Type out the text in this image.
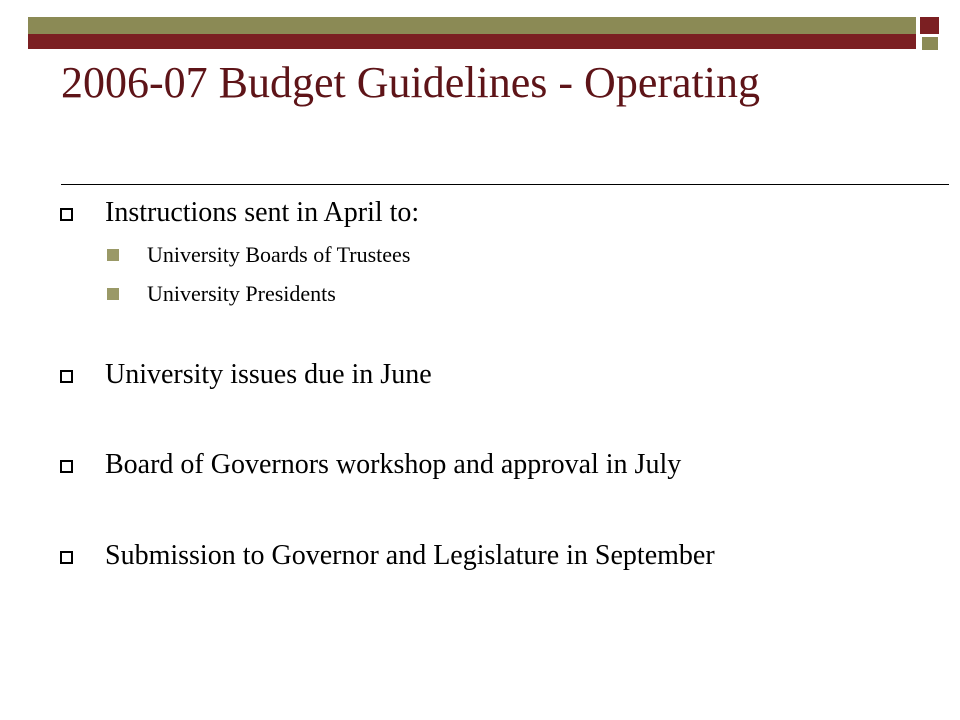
2006-07 Budget Guidelines - Operating
Instructions sent in April to:
University Boards of Trustees
University Presidents
University issues due in June
Board of Governors workshop and approval in July
Submission to Governor and Legislature in September
